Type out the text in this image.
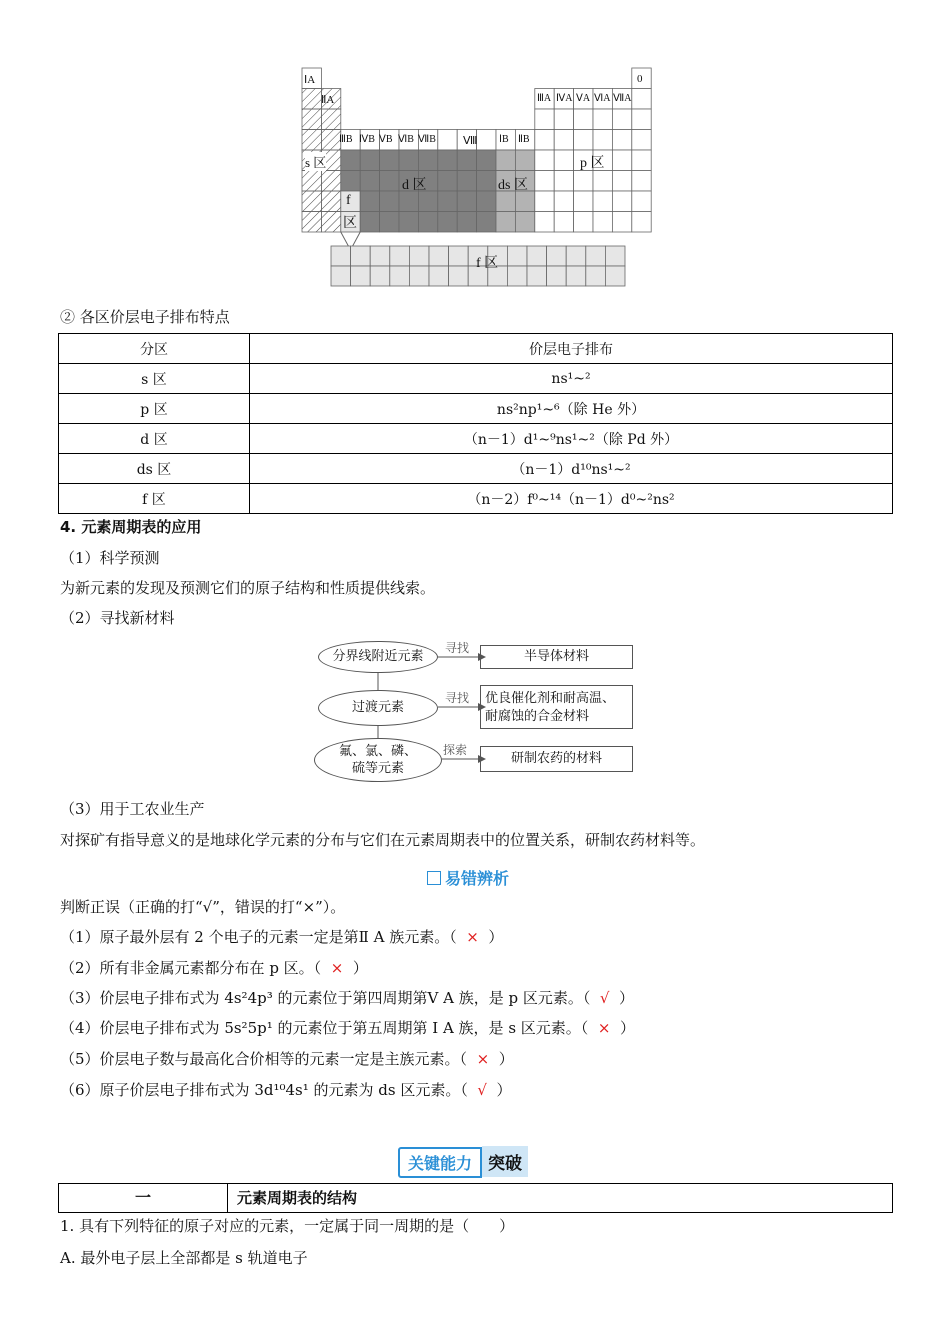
ⅠA
ⅡA
ⅢB ⅣB ⅤB ⅥB ⅦB Ⅷ ⅠB ⅡB
ⅢA ⅣA ⅤA ⅥA ⅦA
0
s 区
d 区	ds 区
p 区
f
区
f 区
② 各区价层电子排布特点
分区	价层电子排布
s 区	ns¹~²
p 区	ns²np¹~⁶（除 He 外）
d 区	（n－1）d¹~⁹ns¹~²（除 Pd 外）
ds 区	（n－1）d¹⁰ns¹~²
f 区	（n－2）f⁰~¹⁴（n－1）d⁰~²ns²
4. 元素周期表的应用
（1）科学预测
为新元素的发现及预测它们的原子结构和性质提供线索。
（2）寻找新材料
分界线附近元素
过渡元素
氟、氯、磷、
硫等元素
寻找
寻找
探索
半导体材料
优良催化剂和耐高温、
耐腐蚀的合金材料
研制农药的材料
（3）用于工农业生产
对探矿有指导意义的是地球化学元素的分布与它们在元素周期表中的位置关系，研制农药材料等。
易错辨析
判断正误（正确的打“√”，错误的打“×”）。
（1）原子最外层有 2 个电子的元素一定是第Ⅱ A 族元素。（ × ）
（2）所有非金属元素都分布在 p 区。（ × ）
（3）价层电子排布式为 4s²4p³ 的元素位于第四周期第Ⅴ A 族，是 p 区元素。（ √ ）
（4）价层电子排布式为 5s²5p¹ 的元素位于第五周期第 Ⅰ A 族，是 s 区元素。（ × ）
（5）价层电子数与最高化合价相等的元素一定是主族元素。（ × ）
（6）原子价层电子排布式为 3d¹⁰4s¹ 的元素为 ds 区元素。（ √ ）
关键能力 突破
一	元素周期表的结构
1. 具有下列特征的原子对应的元素，一定属于同一周期的是（　　）
A. 最外电子层上全部都是 s 轨道电子
